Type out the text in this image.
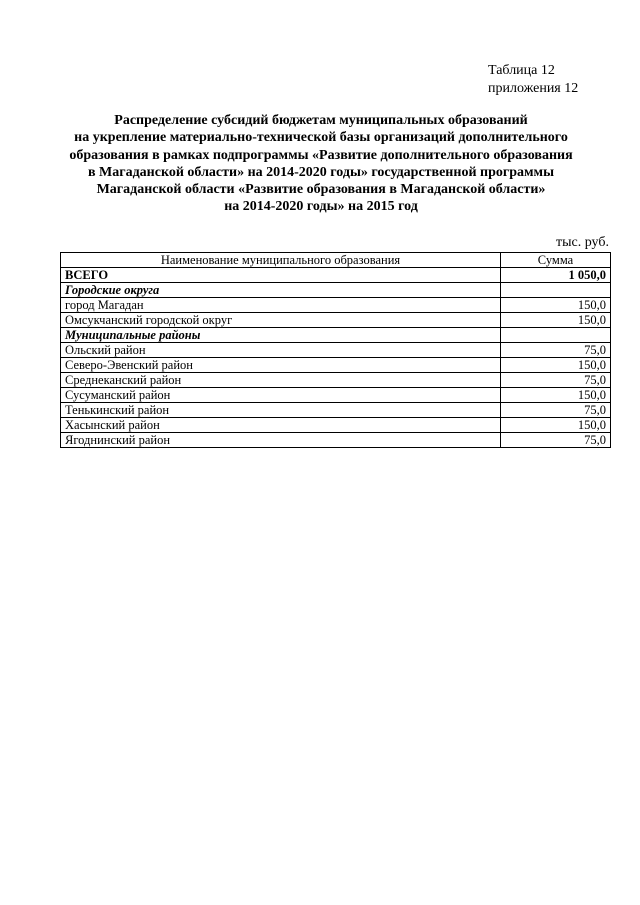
Таблица 12
приложения 12
Распределение субсидий бюджетам муниципальных образований
на укрепление материально-технической базы организаций дополнительного
образования в рамках подпрограммы «Развитие дополнительного образования
в Магаданской области» на 2014-2020 годы» государственной программы
Магаданской области «Развитие образования в Магаданской области»
на 2014-2020 годы» на 2015 год
тыс. руб.
Наименование муниципального образования	Сумма
ВСЕГО	1 050,0
Городские округа	
город Магадан	150,0
Омсукчанский городской округ	150,0
Муниципальные районы	
Ольский район	75,0
Северо-Эвенский район	150,0
Среднеканский район	75,0
Сусуманский район	150,0
Тенькинский район	75,0
Хасынский район	150,0
Ягоднинский район	75,0
